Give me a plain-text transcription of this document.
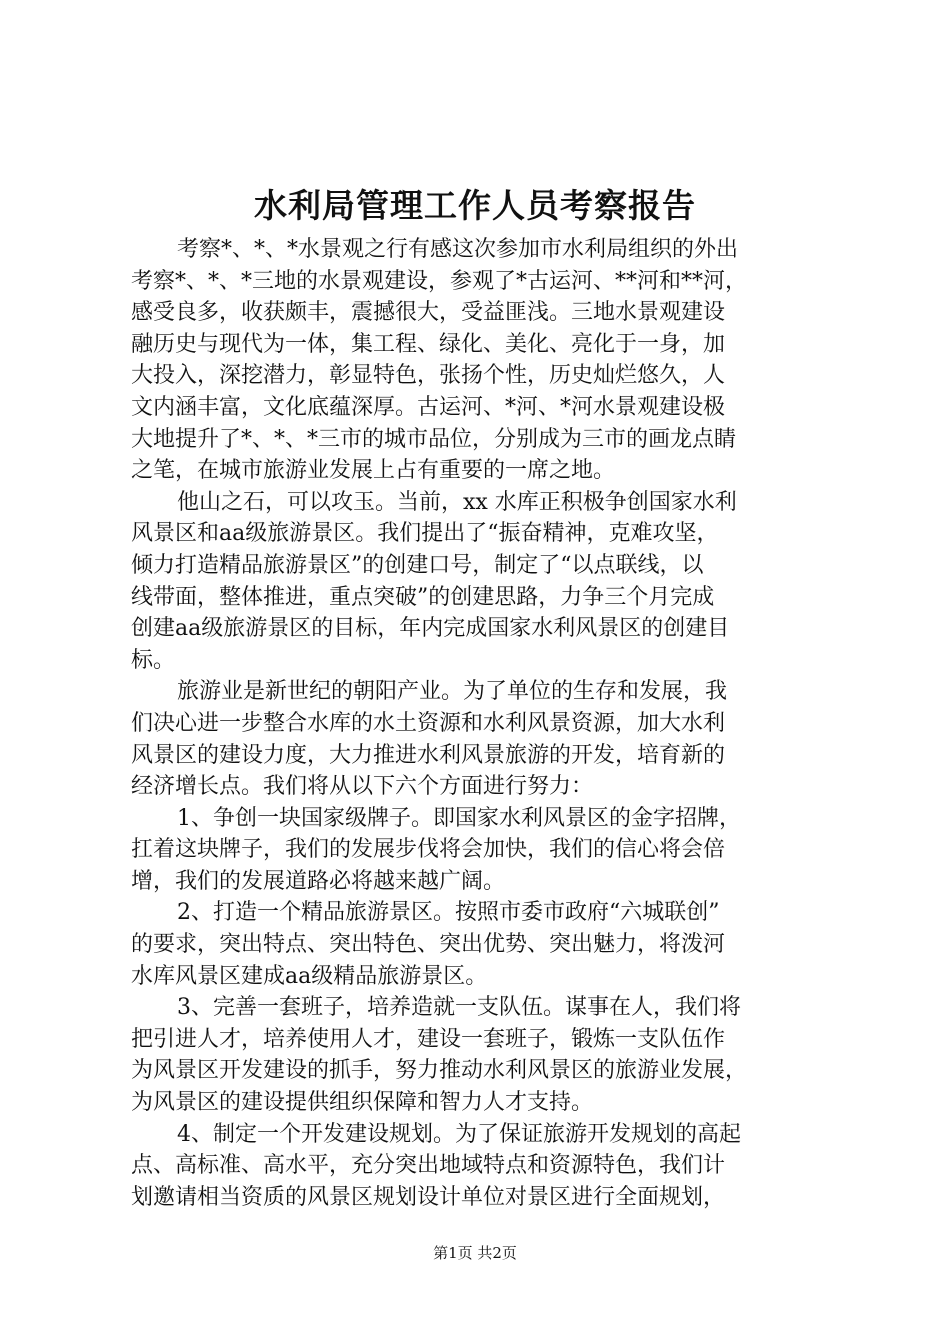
水利局管理工作人员考察报告
考察*、*、*水景观之行有感这次参加市水利局组织的外出
考察*、*、*三地的水景观建设，参观了*古运河、**河和**河，
感受良多，收获颇丰，震撼很大，受益匪浅。三地水景观建设
融历史与现代为一体，集工程、绿化、美化、亮化于一身，加
大投入，深挖潜力，彰显特色，张扬个性，历史灿烂悠久，人
文内涵丰富，文化底蕴深厚。古运河、*河、*河水景观建设极
大地提升了*、*、*三市的城市品位，分别成为三市的画龙点睛
之笔，在城市旅游业发展上占有重要的一席之地。
他山之石，可以攻玉。当前，xx 水库正积极争创国家水利
风景区和aa级旅游景区。我们提出了“振奋精神，克难攻坚，
倾力打造精品旅游景区”的创建口号，制定了“以点联线，以
线带面，整体推进，重点突破”的创建思路，力争三个月完成
创建aa级旅游景区的目标，年内完成国家水利风景区的创建目
标。
旅游业是新世纪的朝阳产业。为了单位的生存和发展，我
们决心进一步整合水库的水土资源和水利风景资源，加大水利
风景区的建设力度，大力推进水利风景旅游的开发，培育新的
经济增长点。我们将从以下六个方面进行努力：
1、争创一块国家级牌子。即国家水利风景区的金字招牌，
扛着这块牌子，我们的发展步伐将会加快，我们的信心将会倍
增，我们的发展道路必将越来越广阔。
2、打造一个精品旅游景区。按照市委市政府“六城联创”
的要求，突出特点、突出特色、突出优势、突出魅力，将泼河
水库风景区建成aa级精品旅游景区。
3、完善一套班子，培养造就一支队伍。谋事在人，我们将
把引进人才，培养使用人才，建设一套班子，锻炼一支队伍作
为风景区开发建设的抓手，努力推动水利风景区的旅游业发展，
为风景区的建设提供组织保障和智力人才支持。
4、制定一个开发建设规划。为了保证旅游开发规划的高起
点、高标准、高水平，充分突出地域特点和资源特色，我们计
划邀请相当资质的风景区规划设计单位对景区进行全面规划，
第1页 共2页
